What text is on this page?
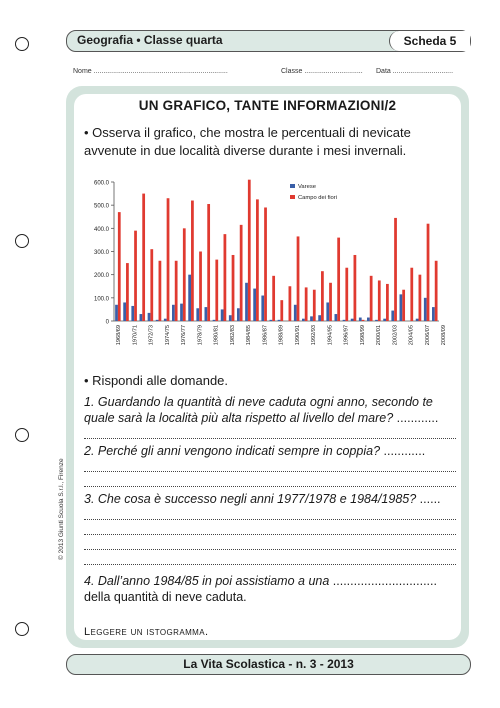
Geografia • Classe quarta	Scheda 5
Nome .....................................................................	Classe .............................. Data ...............................
UN GRAFICO, TANTE INFORMAZIONI/2
• Osserva il grafico, che mostra le percentuali di nevicate avvenute in due località diverse durante i mesi invernali.
0
100.0
200.0
300.0
400.0
500.0
600.0
1968/69 1970/71 1972/73 1974/75 1976/77 1978/79 1980/81 1982/83 1984/85 1986/87 1988/89 1990/91 1992/93 1994/95 1996/97 1998/99 2000/01 2002/03 2004/05 2006/07 2008/09
Varese
Campo dei fiori
• Rispondi alle domande.
1. Guardando la quantità di neve caduta ogni anno, secondo te quale sarà la località più alta rispetto al livello del mare? ............
2. Perché gli anni vengono indicati sempre in coppia? ............
3. Che cosa è successo negli anni 1977/1978 e 1984/1985? ......
4. Dall’anno 1984/85 in poi assistiamo a una ..............................
della quantità di neve caduta.
Leggere un istogramma.
© 2013 Giunti Scuola S.r.l., Firenze
La Vita Scolastica - n. 3 - 2013
